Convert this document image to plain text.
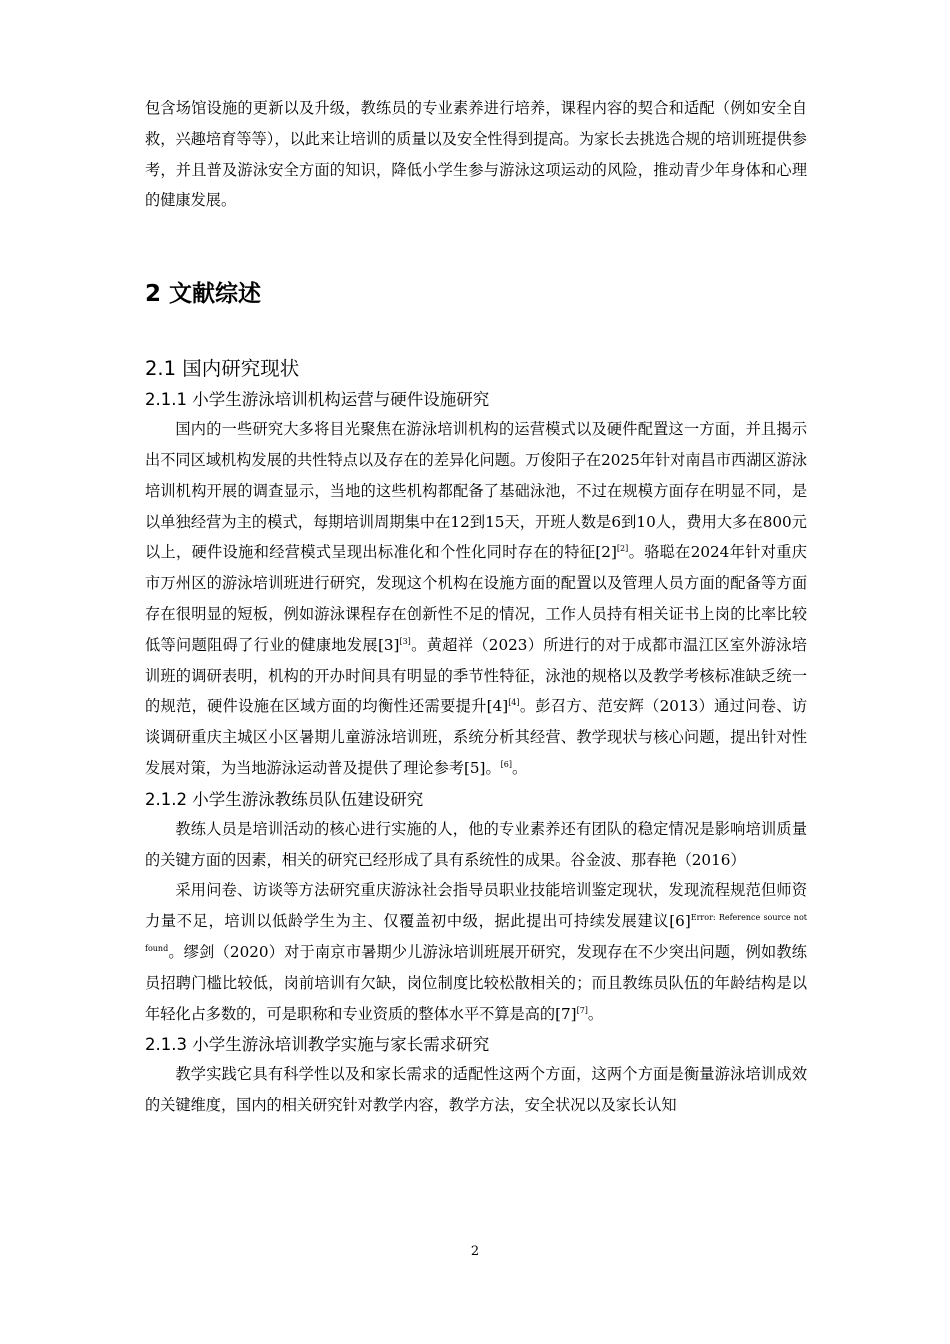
包含场馆设施的更新以及升级，教练员的专业素养进行培养，课程内容的契合和适配（例如安全自救，兴趣培育等等），以此来让培训的质量以及安全性得到提高。为家长去挑选合规的培训班提供参考，并且普及游泳安全方面的知识，降低小学生参与游泳这项运动的风险，推动青少年身体和心理的健康发展。

2 文献综述
2.1 国内研究现状
2.1.1 小学生游泳培训机构运营与硬件设施研究

国内的一些研究大多将目光聚焦在游泳培训机构的运营模式以及硬件配置这一方面，并且揭示出不同区域机构发展的共性特点以及存在的差异化问题。万俊阳子在2025年针对南昌市西湖区游泳培训机构开展的调查显示，当地的这些机构都配备了基础泳池，不过在规模方面存在明显不同，是以单独经营为主的模式，每期培训周期集中在12到15天，开班人数是6到10人，费用大多在800元以上，硬件设施和经营模式呈现出标准化和个性化同时存在的特征[2][2]。骆聪在2024年针对重庆市万州区的游泳培训班进行研究，发现这个机构在设施方面的配置以及管理人员方面的配备等方面存在很明显的短板，例如游泳课程存在创新性不足的情况，工作人员持有相关证书上岗的比率比较低等问题阻碍了行业的健康地发展[3][3]。黄超祥（2023）所进行的对于成都市温江区室外游泳培训班的调研表明，机构的开办时间具有明显的季节性特征，泳池的规格以及教学考核标准缺乏统一的规范，硬件设施在区域方面的均衡性还需要提升[4][4]。彭召方、范安辉（2013）通过问卷、访谈调研重庆主城区小区暑期儿童游泳培训班，系统分析其经营、教学现状与核心问题，提出针对性发展对策，为当地游泳运动普及提供了理论参考[5]。[6]。

2.1.2 小学生游泳教练员队伍建设研究

教练人员是培训活动的核心进行实施的人，他的专业素养还有团队的稳定情况是影响培训质量的关键方面的因素，相关的研究已经形成了具有系统性的成果。谷金波、那春艳（2016）

采用问卷、访谈等方法研究重庆游泳社会指导员职业技能培训鉴定现状，发现流程规范但师资力量不足，培训以低龄学生为主、仅覆盖初中级，据此提出可持续发展建议$[6]^{Error: Reference source not found}$。缪剑（2020）对于南京市暑期少儿游泳培训班展开研究，发现存在不少突出问题，例如教练员招聘门槛比较低，岗前培训有欠缺，岗位制度比较松散相关的；而且教练员队伍的年龄结构是以年轻化占多数的，可是职称和专业资质的整体水平不算是高的[7][7]。

2.1.3 小学生游泳培训教学实施与家长需求研究

教学实践它具有科学性以及和家长需求的适配性这两个方面，这两个方面是衡量游泳培训成效的关键维度，国内的相关研究针对教学内容，教学方法，安全状况以及家长认知

2
